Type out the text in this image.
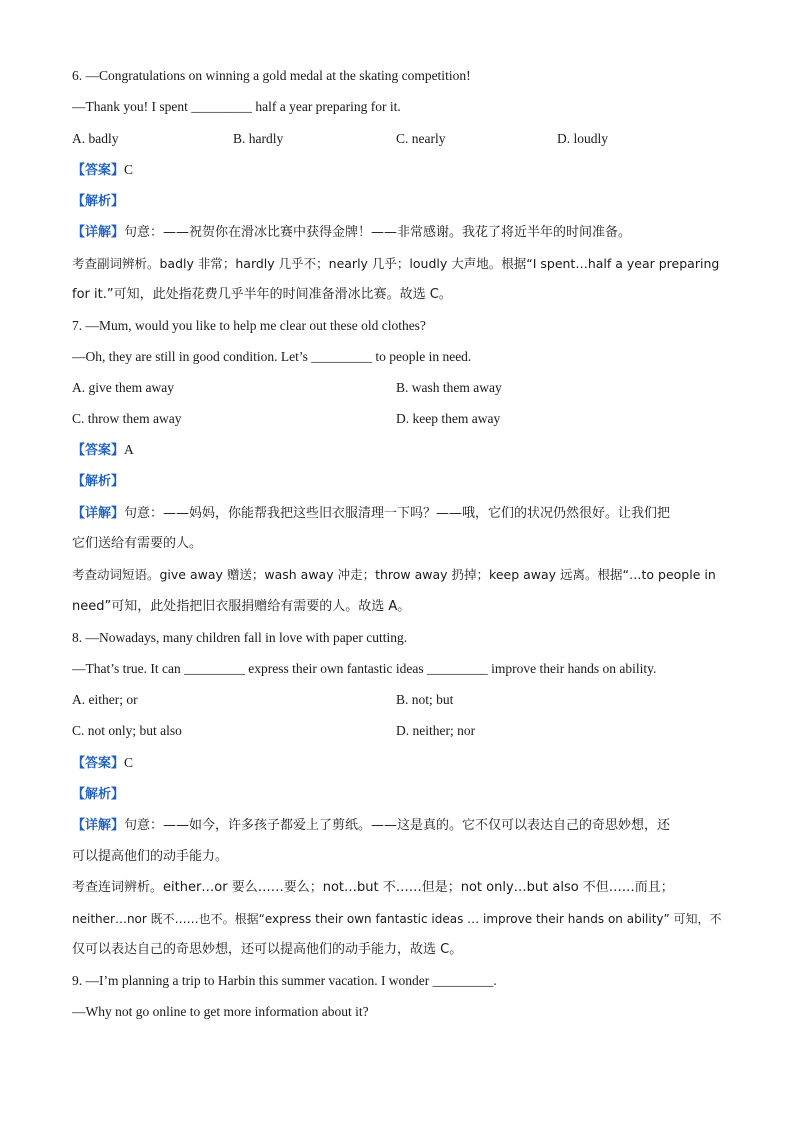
6. —Congratulations on winning a gold medal at the skating competition!
—Thank you! I spent _________ half a year preparing for it.
A. badly	B. hardly	C. nearly	D. loudly
【答案】C
【解析】
【详解】句意：——祝贺你在滑冰比赛中获得金牌！——非常感谢。我花了将近半年的时间准备。
考查副词辨析。badly 非常；hardly 几乎不；nearly 几乎；loudly 大声地。根据“I spent…half a year preparing
for it.”可知，此处指花费几乎半年的时间准备滑冰比赛。故选 C。
7. —Mum, would you like to help me clear out these old clothes?
—Oh, they are still in good condition. Let’s _________ to people in need.
A. give them away	B. wash them away
C. throw them away	D. keep them away
【答案】A
【解析】
【详解】句意：——妈妈，你能帮我把这些旧衣服清理一下吗？——哦，它们的状况仍然很好。让我们把
它们送给有需要的人。
考查动词短语。give away 赠送；wash away 冲走；throw away 扔掉；keep away 远离。根据“…to people in
need”可知，此处指把旧衣服捐赠给有需要的人。故选 A。
8. —Nowadays, many children fall in love with paper cutting.
—That’s true. It can _________ express their own fantastic ideas _________ improve their hands on ability.
A. either; or	B. not; but
C. not only; but also	D. neither; nor
【答案】C
【解析】
【详解】句意：——如今，许多孩子都爱上了剪纸。——这是真的。它不仅可以表达自己的奇思妙想，还
可以提高他们的动手能力。
考查连词辨析。either…or 要么……要么；not…but 不……但是；not only…but also 不但……而且；
neither…nor 既不……也不。根据“express their own fantastic ideas … improve their hands on ability” 可知，不
仅可以表达自己的奇思妙想，还可以提高他们的动手能力，故选 C。
9. —I’m planning a trip to Harbin this summer vacation. I wonder _________.
—Why not go online to get more information about it?
